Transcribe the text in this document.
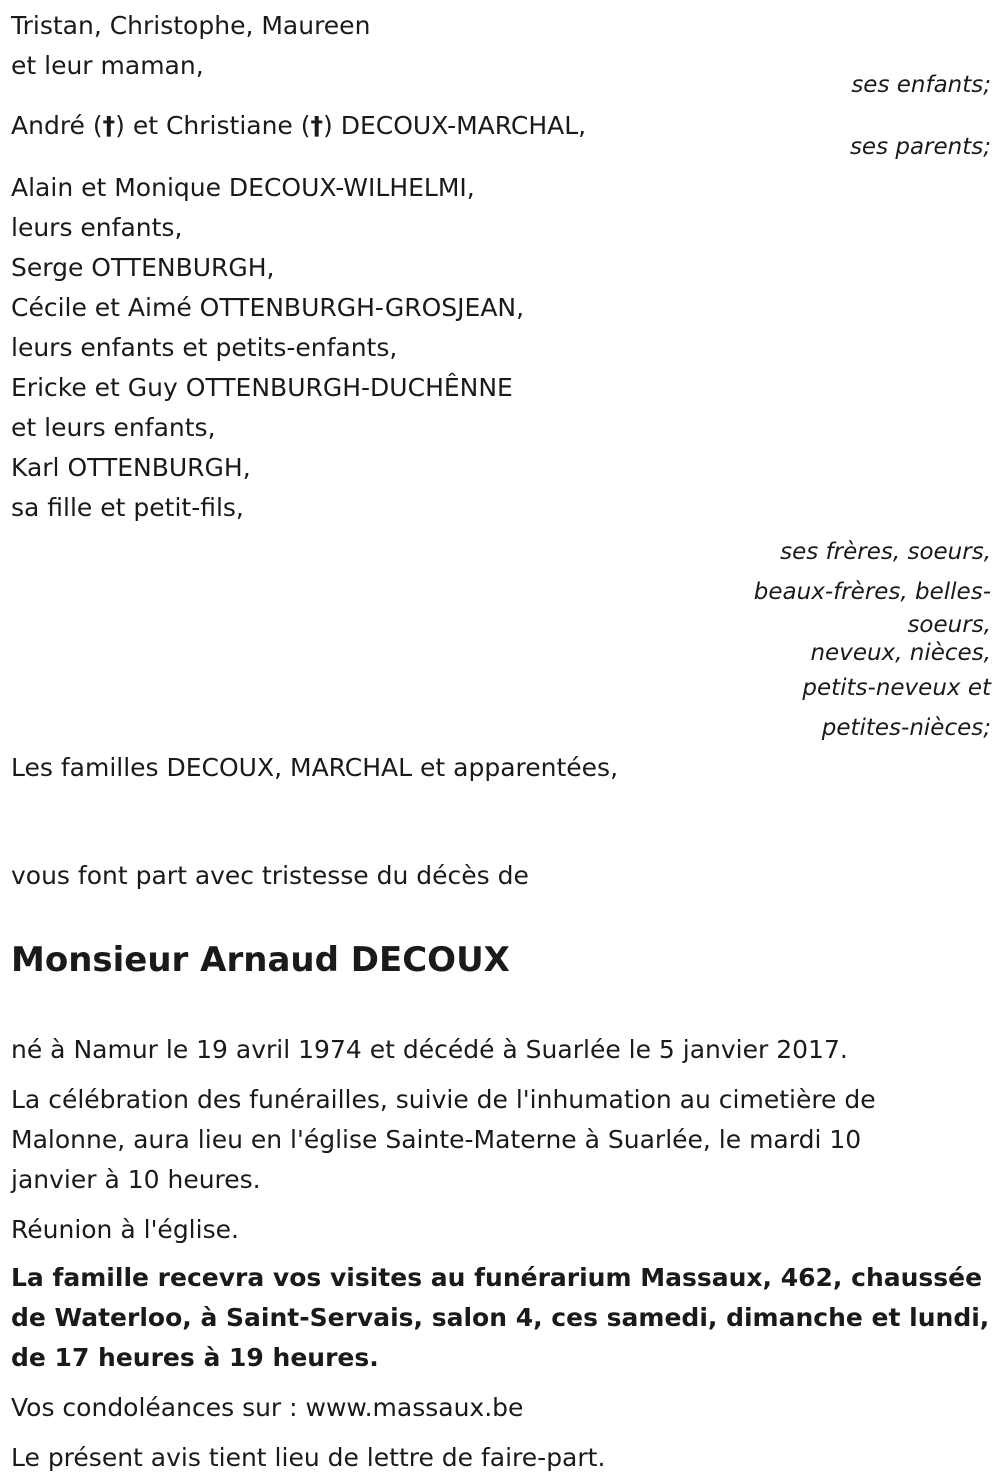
Tristan, Christophe, Maureen

et leur maman,

ses enfants;

André (†) et Christiane (†) DECOUX-MARCHAL,

ses parents;

Alain et Monique DECOUX-WILHELMI,

leurs enfants,

Serge OTTENBURGH,

Cécile et Aimé OTTENBURGH-GROSJEAN,

leurs enfants et petits-enfants,

Ericke et Guy OTTENBURGH-DUCHÊNNE

et leurs enfants,

Karl OTTENBURGH,

sa fille et petit-fils,

ses frères, soeurs,
beaux-frères, belles-
soeurs,
neveux, nièces,
petits-neveux et
petites-nièces;

Les familles DECOUX, MARCHAL et apparentées,

vous font part avec tristesse du décès de

Monsieur Arnaud DECOUX

né à Namur le 19 avril 1974 et décédé à Suarlée le 5 janvier 2017.

La célébration des funérailles, suivie de l'inhumation au cimetière de

Malonne, aura lieu en l'église Sainte-Materne à Suarlée, le mardi 10

janvier à 10 heures.

Réunion à l'église.

La famille recevra vos visites au funérarium Massaux, 462, chaussée

de Waterloo, à Saint-Servais, salon 4, ces samedi, dimanche et lundi,

de 17 heures à 19 heures.

Vos condoléances sur : www.massaux.be

Le présent avis tient lieu de lettre de faire-part.
